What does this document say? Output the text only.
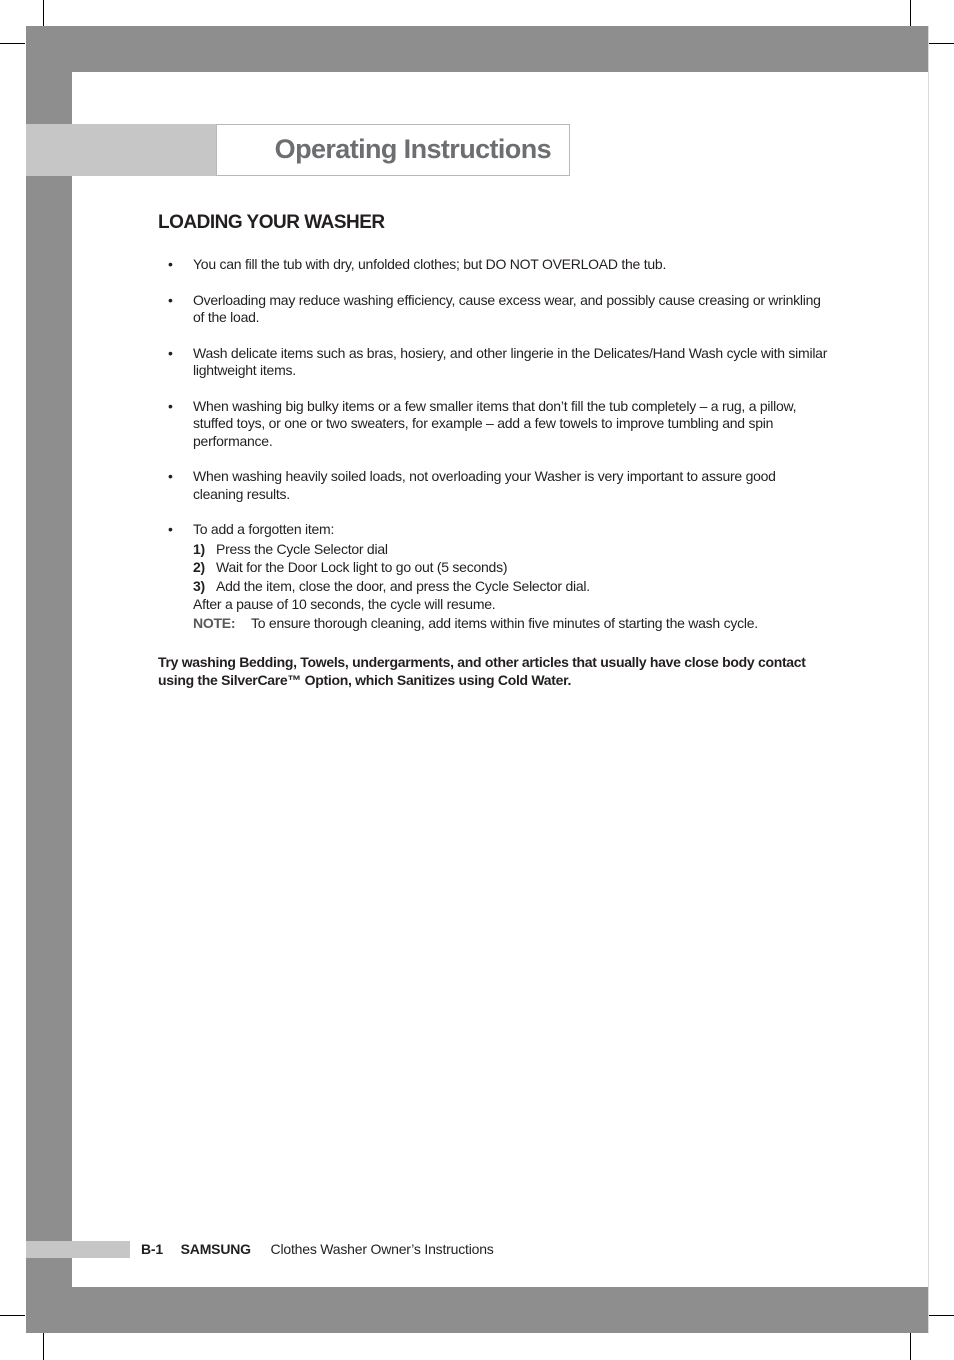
Operating Instructions
LOADING YOUR WASHER
• You can fill the tub with dry, unfolded clothes; but DO NOT OVERLOAD the tub.
• Overloading may reduce washing efficiency, cause excess wear, and possibly cause creasing or wrinkling of the load.
• Wash delicate items such as bras, hosiery, and other lingerie in the Delicates/Hand Wash cycle with similar lightweight items.
• When washing big bulky items or a few smaller items that don’t fill the tub completely – a rug, a pillow, stuffed toys, or one or two sweaters, for example – add a few towels to improve tumbling and spin performance.
• When washing heavily soiled loads, not overloading your Washer is very important to assure good cleaning results.
• To add a forgotten item:
1) Press the Cycle Selector dial
2) Wait for the Door Lock light to go out (5 seconds)
3) Add the item, close the door, and press the Cycle Selector dial.
After a pause of 10 seconds, the cycle will resume.
NOTE:	To ensure thorough cleaning, add items within five minutes of starting the wash cycle.
Try washing Bedding, Towels, undergarments, and other articles that usually have close body contact using the SilverCare™ Option, which Sanitizes using Cold Water.
B-1 SAMSUNG Clothes Washer Owner’s Instructions
